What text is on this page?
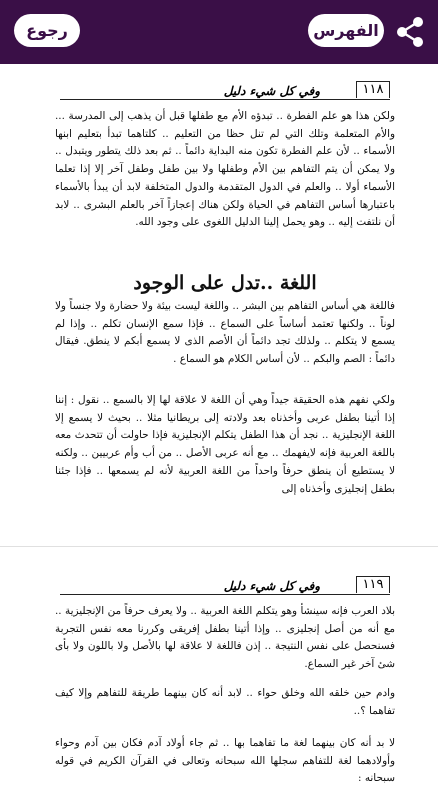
رجوع	الفهرس
١١٨
وفي كل شيء دليل

ولكن هذا هو علم الفطرة .. تبدؤه الأم مع طفلها قبل أن يذهب إلى المدرسة ... والأم المتعلمة وتلك التي لم تنل حظا من التعليم .. كلتاهما تبدأ بتعليم ابنها الأسماء .. لأن علم الفطرة تكون منه البداية دائماً .. ثم بعد ذلك يتطور ويتبدل .. ولا يمكن أن يتم التفاهم بين الأم وطفلها ولا بين طفل وطفل آخر إلا إذا تعلما الأسماء أولا .. والعلم في الدول المتقدمة والدول المتخلفة لابد أن يبدأ بالأسماء باعتبارها أساس التفاهم في الحياة ولكن هناك إعجازاً آخر بالعلم البشرى .. لابد أن نلتفت إليه .. وهو يحمل إلينا الدليل اللغوى على وجود الله.

اللغة ..تدل على الوجود

فاللغة هي أساس التفاهم بين البشر .. واللغة ليست بيئة ولا حضارة ولا جنساً ولا لوناً .. ولكنها تعتمد أساساً على السماع .. فإذا سمع الإنسان تكلم .. وإذا لم يسمع لا يتكلم .. ولذلك تجد دائماً أن الأصم الذى لا يسمع أبكم لا ينطق. فيقال دائماً : الصم والبكم .. لأن أساس الكلام هو السماع .

ولكي نفهم هذه الحقيقة جيداً وهي أن اللغة لا علاقة لها إلا بالسمع .. نقول : إننا إذا أتينا بطفل عربى وأخذناه بعد ولادته إلى بريطانيا مثلا .. بحيث لا يسمع إلا اللغة الإنجليزية .. نجد أن هذا الطفل يتكلم الإنجليزية فإذا حاولت أن تتحدث معه باللغة العربية فإنه لايفهمك .. مع أنه عربى الأصل .. من أب وأم عربيين .. ولكنه لا يستطيع أن ينطق حرفاً واحداً من اللغة العربية لأنه لم يسمعها .. فإذا جئنا بطفل إنجليزى وأخذناه إلى

١١٩
وفي كل شيء دليل

بلاد العرب فإنه سينشأ وهو يتكلم اللغة العربية .. ولا يعرف حرفاً من الإنجليزية .. مع أنه من أصل إنجليزى .. وإذا أتينا بطفل إفريقى وكررنا معه نفس التجربة فسنحصل على نفس النتيجة .. إذن فاللغة لا علاقة لها بالأصل ولا باللون ولا بأى شئ آخر غير السماع.

وادم حين خلقه الله وخلق حواء .. لابد أنه كان بينهما طريقة للتفاهم وإلا كيف تفاهما ؟..

لا بد أنه كان بينهما لغة ما تفاهما بها .. ثم جاء أولاد آدم فكان بين آدم وحواء وأولادهما لغة للتفاهم سجلها الله سبحانه وتعالى في القرآن الكريم في قوله سبحانه :
